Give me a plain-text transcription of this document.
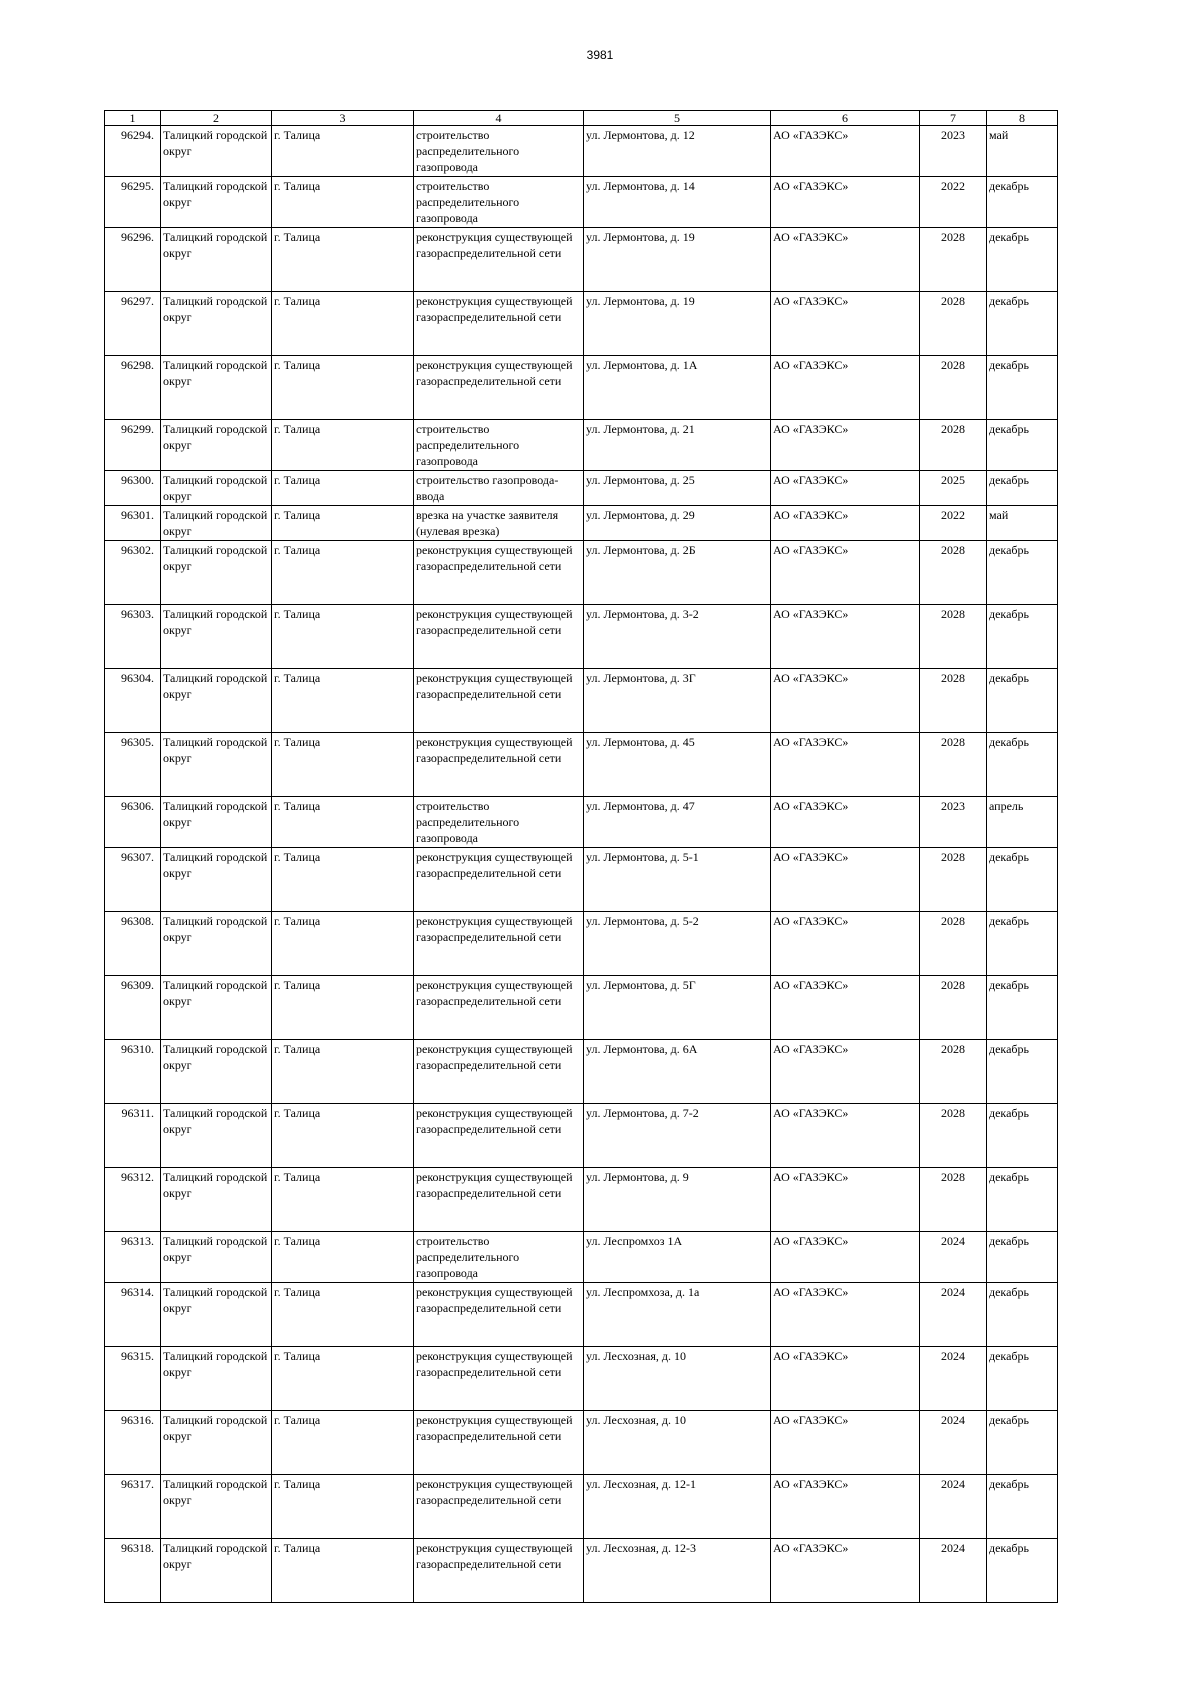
3981
1	2	3	4	5	6	7	8
96294.	Талицкий городской округ	г. Талица	строительство распределительного газопровода	ул. Лермонтова, д. 12	АО «ГАЗЭКС»	2023	май
96295.	Талицкий городской округ	г. Талица	строительство распределительного газопровода	ул. Лермонтова, д. 14	АО «ГАЗЭКС»	2022	декабрь
96296.	Талицкий городской округ	г. Талица	реконструкция существующей газораспределительной сети	ул. Лермонтова, д. 19	АО «ГАЗЭКС»	2028	декабрь
96297.	Талицкий городской округ	г. Талица	реконструкция существующей газораспределительной сети	ул. Лермонтова, д. 19	АО «ГАЗЭКС»	2028	декабрь
96298.	Талицкий городской округ	г. Талица	реконструкция существующей газораспределительной сети	ул. Лермонтова, д. 1А	АО «ГАЗЭКС»	2028	декабрь
96299.	Талицкий городской округ	г. Талица	строительство распределительного газопровода	ул. Лермонтова, д. 21	АО «ГАЗЭКС»	2028	декабрь
96300.	Талицкий городской округ	г. Талица	строительство газопровода-ввода	ул. Лермонтова, д. 25	АО «ГАЗЭКС»	2025	декабрь
96301.	Талицкий городской округ	г. Талица	врезка на участке заявителя (нулевая врезка)	ул. Лермонтова, д. 29	АО «ГАЗЭКС»	2022	май
96302.	Талицкий городской округ	г. Талица	реконструкция существующей газораспределительной сети	ул. Лермонтова, д. 2Б	АО «ГАЗЭКС»	2028	декабрь
96303.	Талицкий городской округ	г. Талица	реконструкция существующей газораспределительной сети	ул. Лермонтова, д. 3-2	АО «ГАЗЭКС»	2028	декабрь
96304.	Талицкий городской округ	г. Талица	реконструкция существующей газораспределительной сети	ул. Лермонтова, д. 3Г	АО «ГАЗЭКС»	2028	декабрь
96305.	Талицкий городской округ	г. Талица	реконструкция существующей газораспределительной сети	ул. Лермонтова, д. 45	АО «ГАЗЭКС»	2028	декабрь
96306.	Талицкий городской округ	г. Талица	строительство распределительного газопровода	ул. Лермонтова, д. 47	АО «ГАЗЭКС»	2023	апрель
96307.	Талицкий городской округ	г. Талица	реконструкция существующей газораспределительной сети	ул. Лермонтова, д. 5-1	АО «ГАЗЭКС»	2028	декабрь
96308.	Талицкий городской округ	г. Талица	реконструкция существующей газораспределительной сети	ул. Лермонтова, д. 5-2	АО «ГАЗЭКС»	2028	декабрь
96309.	Талицкий городской округ	г. Талица	реконструкция существующей газораспределительной сети	ул. Лермонтова, д. 5Г	АО «ГАЗЭКС»	2028	декабрь
96310.	Талицкий городской округ	г. Талица	реконструкция существующей газораспределительной сети	ул. Лермонтова, д. 6А	АО «ГАЗЭКС»	2028	декабрь
96311.	Талицкий городской округ	г. Талица	реконструкция существующей газораспределительной сети	ул. Лермонтова, д. 7-2	АО «ГАЗЭКС»	2028	декабрь
96312.	Талицкий городской округ	г. Талица	реконструкция существующей газораспределительной сети	ул. Лермонтова, д. 9	АО «ГАЗЭКС»	2028	декабрь
96313.	Талицкий городской округ	г. Талица	строительство распределительного газопровода	ул. Леспромхоз 1А	АО «ГАЗЭКС»	2024	декабрь
96314.	Талицкий городской округ	г. Талица	реконструкция существующей газораспределительной сети	ул. Леспромхоза, д. 1а	АО «ГАЗЭКС»	2024	декабрь
96315.	Талицкий городской округ	г. Талица	реконструкция существующей газораспределительной сети	ул. Лесхозная, д. 10	АО «ГАЗЭКС»	2024	декабрь
96316.	Талицкий городской округ	г. Талица	реконструкция существующей газораспределительной сети	ул. Лесхозная, д. 10	АО «ГАЗЭКС»	2024	декабрь
96317.	Талицкий городской округ	г. Талица	реконструкция существующей газораспределительной сети	ул. Лесхозная, д. 12-1	АО «ГАЗЭКС»	2024	декабрь
96318.	Талицкий городской округ	г. Талица	реконструкция существующей газораспределительной сети	ул. Лесхозная, д. 12-3	АО «ГАЗЭКС»	2024	декабрь
